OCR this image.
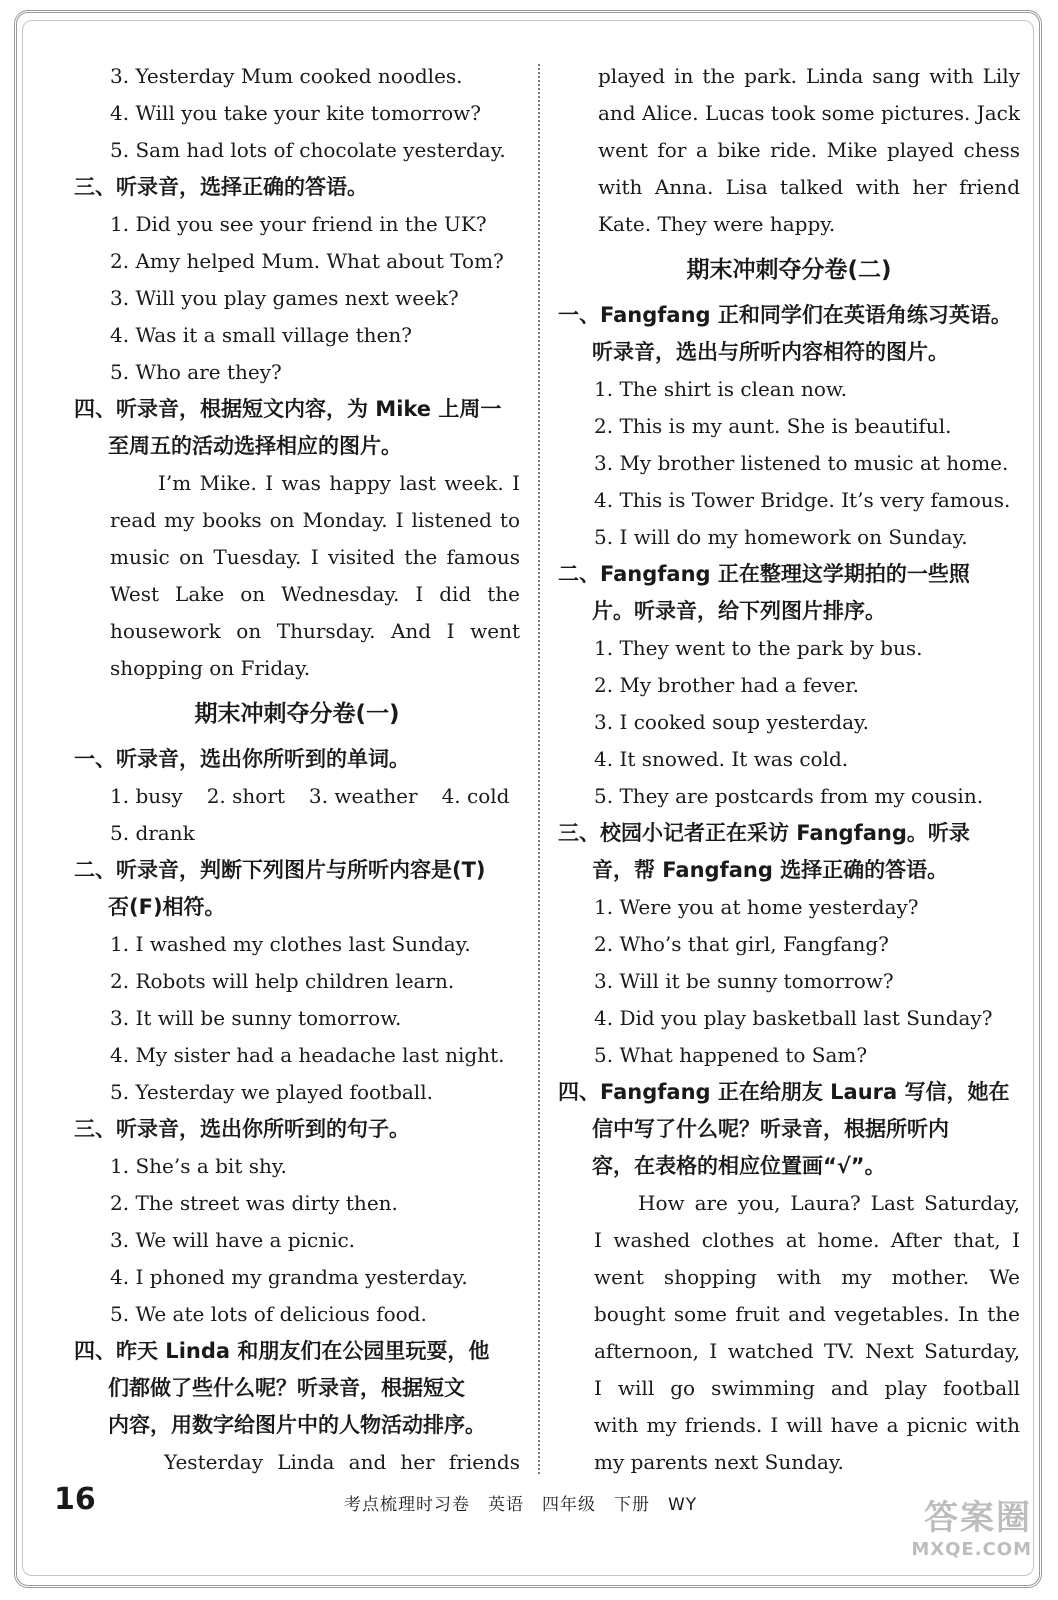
3. Yesterday Mum cooked noodles.
4. Will you take your kite tomorrow?
5. Sam had lots of chocolate yesterday.
三、听录音，选择正确的答语。
1. Did you see your friend in the UK?
2. Amy helped Mum. What about Tom?
3. Will you play games next week?
4. Was it a small village then?
5. Who are they?
四、听录音，根据短文内容，为 Mike 上周一
至周五的活动选择相应的图片。
I’m Mike. I was happy last week. I
read my books on Monday. I listened to
music on Tuesday. I visited the famous
West Lake on Wednesday. I did the
housework on Thursday. And I went
shopping on Friday.
期末冲刺夺分卷(一)
一、听录音，选出你所听到的单词。
1. busy 2. short 3. weather 4. cold
5. drank
二、听录音，判断下列图片与所听内容是(T)
否(F)相符。
1. I washed my clothes last Sunday.
2. Robots will help children learn.
3. It will be sunny tomorrow.
4. My sister had a headache last night.
5. Yesterday we played football.
三、听录音，选出你所听到的句子。
1. She’s a bit shy.
2. The street was dirty then.
3. We will have a picnic.
4. I phoned my grandma yesterday.
5. We ate lots of delicious food.
四、昨天 Linda 和朋友们在公园里玩耍，他
们都做了些什么呢？听录音，根据短文
内容，用数字给图片中的人物活动排序。
Yesterday Linda and her friends
played in the park. Linda sang with Lily
and Alice. Lucas took some pictures. Jack
went for a bike ride. Mike played chess
with Anna. Lisa talked with her friend
Kate. They were happy.
期末冲刺夺分卷(二)
一、Fangfang 正和同学们在英语角练习英语。
听录音，选出与所听内容相符的图片。
1. The shirt is clean now.
2. This is my aunt. She is beautiful.
3. My brother listened to music at home.
4. This is Tower Bridge. It’s very famous.
5. I will do my homework on Sunday.
二、Fangfang 正在整理这学期拍的一些照
片。听录音，给下列图片排序。
1. They went to the park by bus.
2. My brother had a fever.
3. I cooked soup yesterday.
4. It snowed. It was cold.
5. They are postcards from my cousin.
三、校园小记者正在采访 Fangfang。听录
音，帮 Fangfang 选择正确的答语。
1. Were you at home yesterday?
2. Who’s that girl, Fangfang?
3. Will it be sunny tomorrow?
4. Did you play basketball last Sunday?
5. What happened to Sam?
四、Fangfang 正在给朋友 Laura 写信，她在
信中写了什么呢？听录音，根据所听内
容，在表格的相应位置画“√”。
How are you, Laura? Last Saturday,
I washed clothes at home. After that, I
went shopping with my mother. We
bought some fruit and vegetables. In the
afternoon, I watched TV. Next Saturday,
I will go swimming and play football
with my friends. I will have a picnic with
my parents next Sunday.
16	考点梳理时习卷　英语　四年级　下册　WY	答案圈
MXQE.COM
